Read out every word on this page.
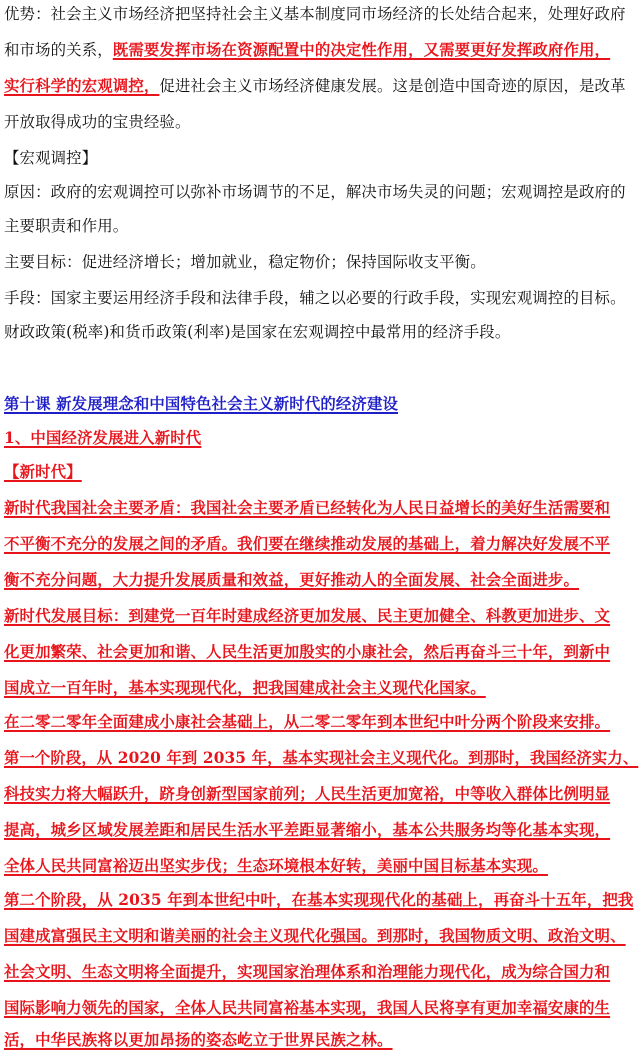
优势：社会主义市场经济把坚持社会主义基本制度同市场经济的长处结合起来，处理好政府
和市场的关系，既需要发挥市场在资源配置中的决定性作用，又需要更好发挥政府作用，
实行科学的宏观调控，促进社会主义市场经济健康发展。这是创造中国奇迹的原因，是改革
开放取得成功的宝贵经验。
【宏观调控】
原因：政府的宏观调控可以弥补市场调节的不足，解决市场失灵的问题；宏观调控是政府的
主要职责和作用。
主要目标：促进经济增长；增加就业，稳定物价；保持国际收支平衡。
手段：国家主要运用经济手段和法律手段，辅之以必要的行政手段，实现宏观调控的目标。
财政政策(税率)和货币政策(利率)是国家在宏观调控中最常用的经济手段。
第十课 新发展理念和中国特色社会主义新时代的经济建设
1、中国经济发展进入新时代
【新时代】
新时代我国社会主要矛盾：我国社会主要矛盾已经转化为人民日益增长的美好生活需要和
不平衡不充分的发展之间的矛盾。我们要在继续推动发展的基础上，着力解决好发展不平
衡不充分问题，大力提升发展质量和效益，更好推动人的全面发展、社会全面进步。
新时代发展目标：到建党一百年时建成经济更加发展、民主更加健全、科教更加进步、文
化更加繁荣、社会更加和谐、人民生活更加殷实的小康社会，然后再奋斗三十年，到新中
国成立一百年时，基本实现现代化，把我国建成社会主义现代化国家。
在二零二零年全面建成小康社会基础上，从二零二零年到本世纪中叶分两个阶段来安排。
第一个阶段，从 2020 年到 2035 年，基本实现社会主义现代化。到那时，我国经济实力、
科技实力将大幅跃升，跻身创新型国家前列；人民生活更加宽裕，中等收入群体比例明显
提高，城乡区域发展差距和居民生活水平差距显著缩小，基本公共服务均等化基本实现，
全体人民共同富裕迈出坚实步伐；生态环境根本好转，美丽中国目标基本实现。
第二个阶段，从 2035 年到本世纪中叶，在基本实现现代化的基础上，再奋斗十五年，把我
国建成富强民主文明和谐美丽的社会主义现代化强国。到那时，我国物质文明、政治文明、
社会文明、生态文明将全面提升，实现国家治理体系和治理能力现代化，成为综合国力和
国际影响力领先的国家，全体人民共同富裕基本实现，我国人民将享有更加幸福安康的生
活，中华民族将以更加昂扬的姿态屹立于世界民族之林。
